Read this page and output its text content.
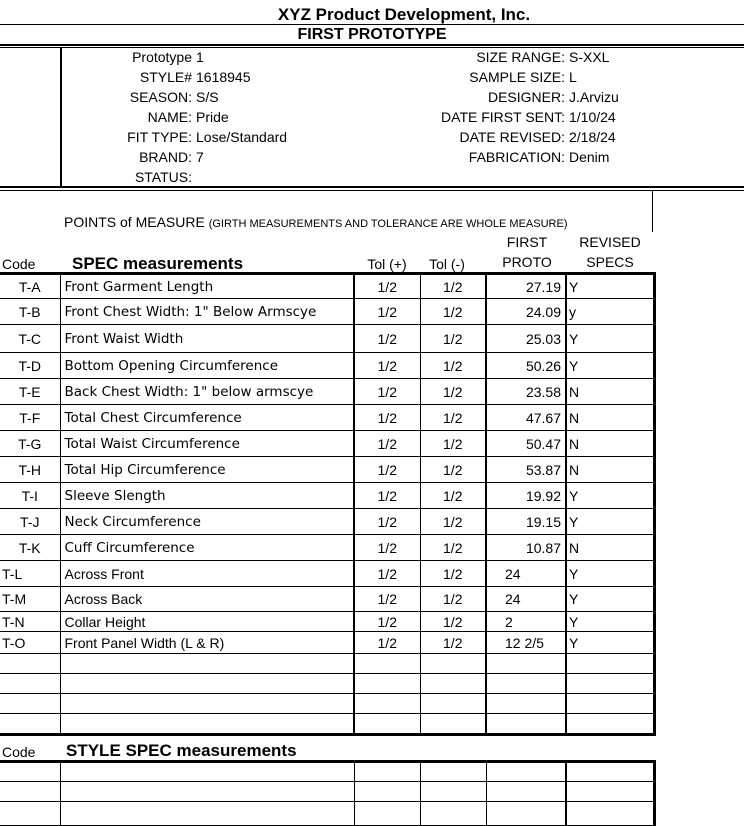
XYZ Product Development, Inc.
FIRST PROTOTYPE
Prototype 1
STYLE# 1618945
SEASON: S/S
NAME: Pride
FIT TYPE: Lose/Standard
BRAND: 7
STATUS:
SIZE RANGE: S-XXL
SAMPLE SIZE: L
DESIGNER: J.Arvizu
DATE FIRST SENT: 1/10/24
DATE REVISED: 2/18/24
FABRICATION: Denim
POINTS of MEASURE (GIRTH MEASUREMENTS AND TOLERANCE ARE WHOLE MEASURE)
Code SPEC measurements	Tol (+)	Tol (-)
FIRST
PROTO
REVISED
SPECS
T-A	Front Garment Length	1/2	1/2	27.19	Y
T-B	Front Chest Width: 1" Below Armscye	1/2	1/2	24.09	y
T-C	Front Waist Width	1/2	1/2	25.03	Y
T-D	Bottom Opening Circumference	1/2	1/2	50.26	Y
T-E	Back Chest Width: 1" below armscye	1/2	1/2	23.58	N
T-F	Total Chest Circumference	1/2	1/2	47.67	N
T-G	Total Waist Circumference	1/2	1/2	50.47	N
T-H	Total Hip Circumference	1/2	1/2	53.87	N
T-I	Sleeve Slength	1/2	1/2	19.92	Y
T-J	Neck Circumference	1/2	1/2	19.15	Y
T-K	Cuff Circumference	1/2	1/2	10.87	N
T-L	Across Front	1/2	1/2	24	Y
T-M	Across Back	1/2	1/2	24	Y
T-N	Collar Height	1/2	1/2	2	Y
T-O	Front Panel Width (L & R)	1/2	1/2	12 2/5	Y

Code STYLE SPEC measurements
